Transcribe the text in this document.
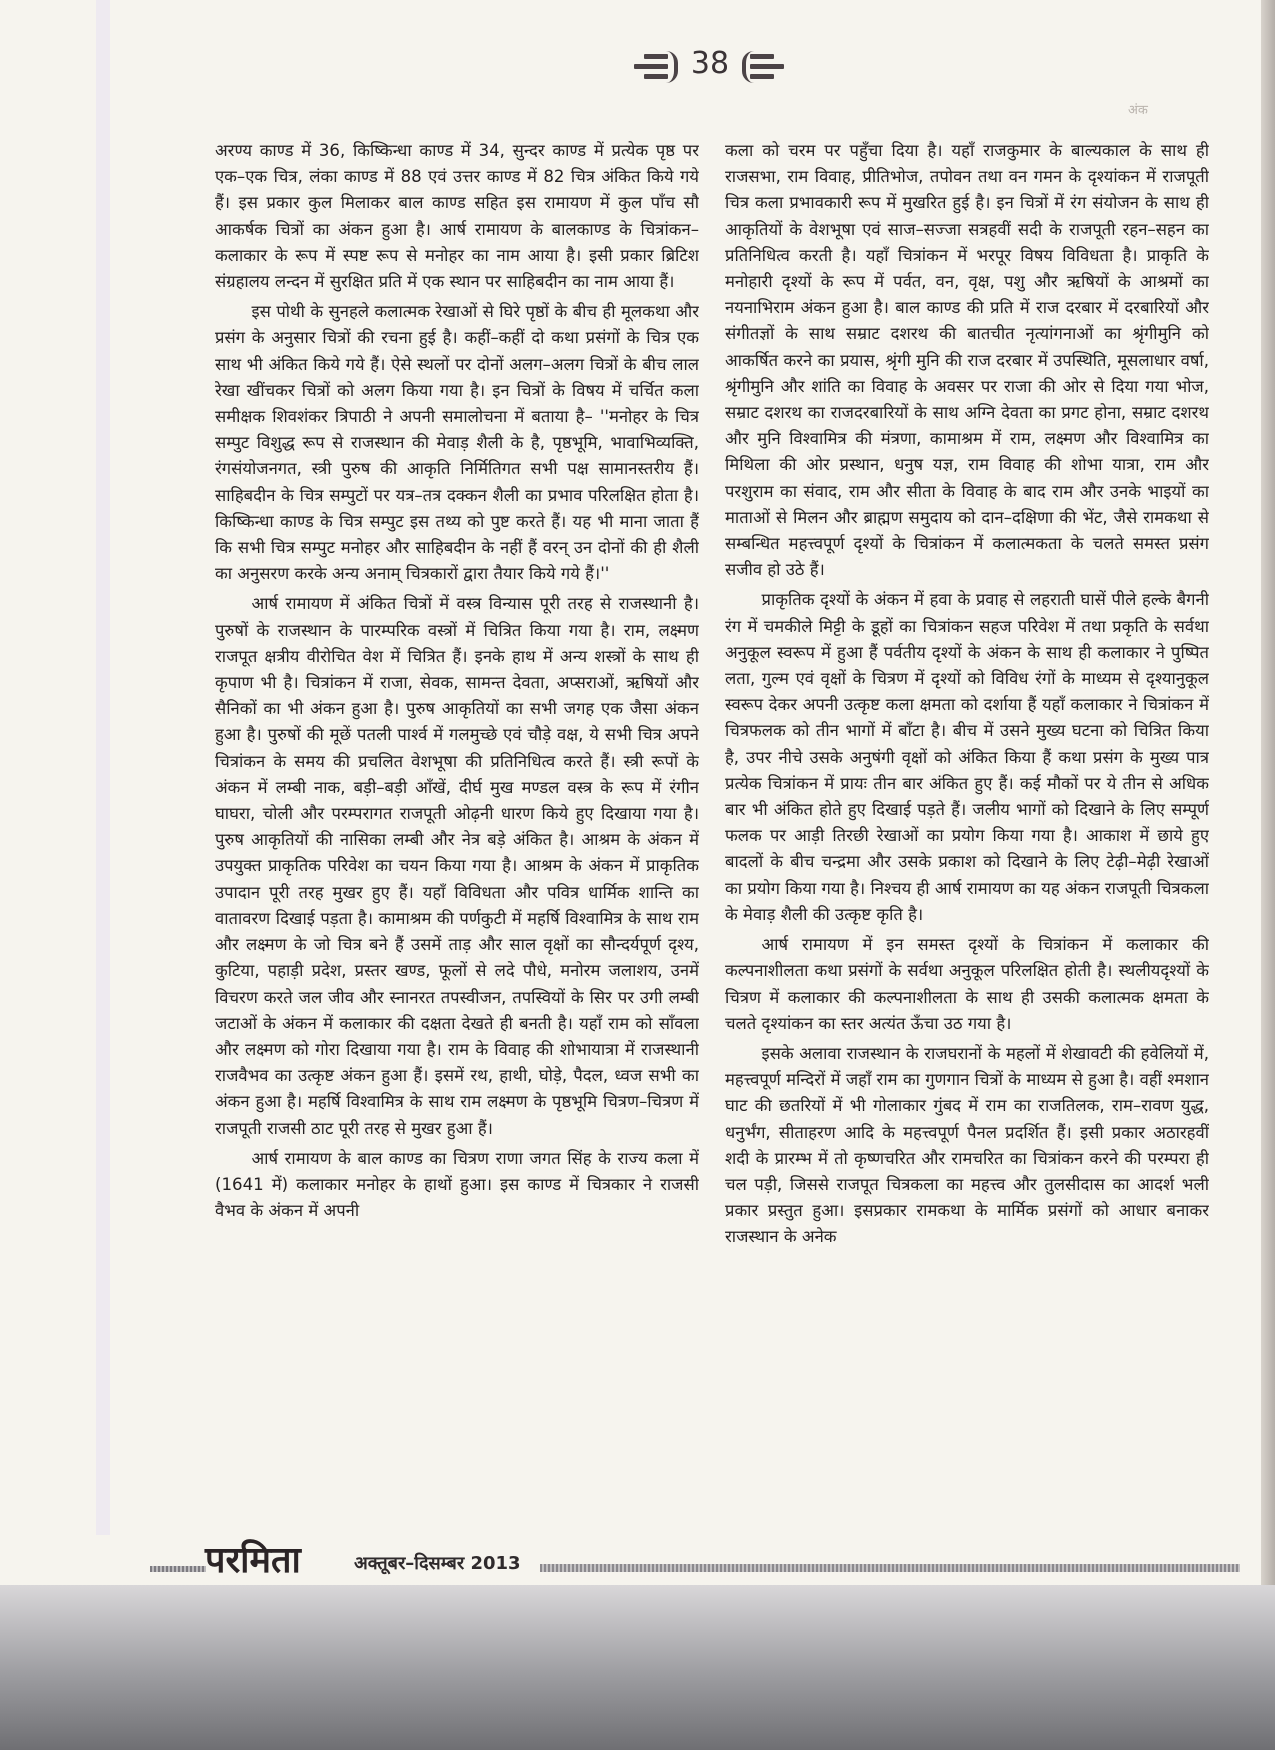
अंक
38

अरण्य काण्ड में 36, किष्किन्धा काण्ड में 34, सुन्दर काण्ड में प्रत्येक पृष्ठ पर एक–एक चित्र, लंका काण्ड में 88 एवं उत्तर काण्ड में 82 चित्र अंकित किये गये हैं। इस प्रकार कुल मिलाकर बाल काण्ड सहित इस रामायण में कुल पाँच सौ आकर्षक चित्रों का अंकन हुआ है। आर्ष रामायण के बालकाण्ड के चित्रांकन–कलाकार के रूप में स्पष्ट रूप से मनोहर का नाम आया है। इसी प्रकार ब्रिटिश संग्रहालय लन्दन में सुरक्षित प्रति में एक स्थान पर साहिबदीन का नाम आया हैं।

इस पोथी के सुनहले कलात्मक रेखाओं से घिरे पृष्ठों के बीच ही मूलकथा और प्रसंग के अनुसार चित्रों की रचना हुई है। कहीं–कहीं दो कथा प्रसंगों के चित्र एक साथ भी अंकित किये गये हैं। ऐसे स्थलों पर दोनों अलग–अलग चित्रों के बीच लाल रेखा खींचकर चित्रों को अलग किया गया है। इन चित्रों के विषय में चर्चित कला समीक्षक शिवशंकर त्रिपाठी ने अपनी समालोचना में बताया है– ''मनोहर के चित्र सम्पुट विशुद्ध रूप से राजस्थान की मेवाड़ शैली के है, पृष्ठभूमि, भावाभिव्यक्ति, रंगसंयोजनगत, स्त्री पुरुष की आकृति निर्मितिगत सभी पक्ष सामानस्तरीय हैं। साहिबदीन के चित्र सम्पुटों पर यत्र–तत्र दक्कन शैली का प्रभाव परिलक्षित होता है। किष्किन्धा काण्ड के चित्र सम्पुट इस तथ्य को पुष्ट करते हैं। यह भी माना जाता हैं कि सभी चित्र सम्पुट मनोहर और साहिबदीन के नहीं हैं वरन् उन दोनों की ही शैली का अनुसरण करके अन्य अनाम् चित्रकारों द्वारा तैयार किये गये हैं।''

आर्ष रामायण में अंकित चित्रों में वस्त्र विन्यास पूरी तरह से राजस्थानी है। पुरुषों के राजस्थान के पारम्परिक वस्त्रों में चित्रित किया गया है। राम, लक्ष्मण राजपूत क्षत्रीय वीरोचित वेश में चित्रित हैं। इनके हाथ में अन्य शस्त्रों के साथ ही कृपाण भी है। चित्रांकन में राजा, सेवक, सामन्त देवता, अप्सराओं, ऋषियों और सैनिकों का भी अंकन हुआ है। पुरुष आकृतियों का सभी जगह एक जैसा अंकन हुआ है। पुरुषों की मूछें पतली पार्श्व में गलमुच्छे एवं चौड़े वक्ष, ये सभी चित्र अपने चित्रांकन के समय की प्रचलित वेशभूषा की प्रतिनिधित्व करते हैं। स्त्री रूपों के अंकन में लम्बी नाक, बड़ी–बड़ी आँखें, दीर्घ मुख मण्डल वस्त्र के रूप में रंगीन घाघरा, चोली और परम्परागत राजपूती ओढ़नी धारण किये हुए दिखाया गया है। पुरुष आकृतियों की नासिका लम्बी और नेत्र बड़े अंकित है। आश्रम के अंकन में उपयुक्त प्राकृतिक परिवेश का चयन किया गया है। आश्रम के अंकन में प्राकृतिक उपादान पूरी तरह मुखर हुए हैं। यहाँ विविधता और पवित्र धार्मिक शान्ति का वातावरण दिखाई पड़ता है। कामाश्रम की पर्णकुटी में महर्षि विश्वामित्र के साथ राम और लक्ष्मण के जो चित्र बने हैं उसमें ताड़ और साल वृक्षों का सौन्दर्यपूर्ण दृश्य, कुटिया, पहाड़ी प्रदेश, प्रस्तर खण्ड, फूलों से लदे पौधे, मनोरम जलाशय, उनमें विचरण करते जल जीव और स्नानरत तपस्वीजन, तपस्वियों के सिर पर उगी लम्बी जटाओं के अंकन में कलाकार की दक्षता देखते ही बनती है। यहाँ राम को साँवला और लक्ष्मण को गोरा दिखाया गया है। राम के विवाह की शोभायात्रा में राजस्थानी राजवैभव का उत्कृष्ट अंकन हुआ हैं। इसमें रथ, हाथी, घोड़े, पैदल, ध्वज सभी का अंकन हुआ है। महर्षि विश्वामित्र के साथ राम लक्ष्मण के पृष्ठभूमि चित्रण–चित्रण में राजपूती राजसी ठाट पूरी तरह से मुखर हुआ हैं।

आर्ष रामायण के बाल काण्ड का चित्रण राणा जगत सिंह के राज्य कला में (1641 में) कलाकार मनोहर के हाथों हुआ। इस काण्ड में चित्रकार ने राजसी वैभव के अंकन में अपनी

कला को चरम पर पहुँचा दिया है। यहाँ राजकुमार के बाल्यकाल के साथ ही राजसभा, राम विवाह, प्रीतिभोज, तपोवन तथा वन गमन के दृश्यांकन में राजपूती चित्र कला प्रभावकारी रूप में मुखरित हुई है। इन चित्रों में रंग संयोजन के साथ ही आकृतियों के वेशभूषा एवं साज–सज्जा सत्रहवीं सदी के राजपूती रहन–सहन का प्रतिनिधित्व करती है। यहाँ चित्रांकन में भरपूर विषय विविधता है। प्राकृति के मनोहारी दृश्यों के रूप में पर्वत, वन, वृक्ष, पशु और ऋषियों के आश्रमों का नयनाभिराम अंकन हुआ है। बाल काण्ड की प्रति में राज दरबार में दरबारियों और संगीतज्ञों के साथ सम्राट दशरथ की बातचीत नृत्यांगनाओं का श्रृंगीमुनि को आकर्षित करने का प्रयास, श्रृंगी मुनि की राज दरबार में उपस्थिति, मूसलाधार वर्षा, श्रृंगीमुनि और शांति का विवाह के अवसर पर राजा की ओर से दिया गया भोज, सम्राट दशरथ का राजदरबारियों के साथ अग्नि देवता का प्रगट होना, सम्राट दशरथ और मुनि विश्वामित्र की मंत्रणा, कामाश्रम में राम, लक्ष्मण और विश्वामित्र का मिथिला की ओर प्रस्थान, धनुष यज्ञ, राम विवाह की शोभा यात्रा, राम और परशुराम का संवाद, राम और सीता के विवाह के बाद राम और उनके भाइयों का माताओं से मिलन और ब्राह्मण समुदाय को दान–दक्षिणा की भेंट, जैसे रामकथा से सम्बन्धित महत्त्वपूर्ण दृश्यों के चित्रांकन में कलात्मकता के चलते समस्त प्रसंग सजीव हो उठे हैं।

प्राकृतिक दृश्यों के अंकन में हवा के प्रवाह से लहराती घासें पीले हल्के बैगनी रंग में चमकीले मिट्टी के डूहों का चित्रांकन सहज परिवेश में तथा प्रकृति के सर्वथा अनुकूल स्वरूप में हुआ हैं पर्वतीय दृश्यों के अंकन के साथ ही कलाकार ने पुष्पित लता, गुल्म एवं वृक्षों के चित्रण में दृश्यों को विविध रंगों के माध्यम से दृश्यानुकूल स्वरूप देकर अपनी उत्कृष्ट कला क्षमता को दर्शाया हैं यहाँ कलाकार ने चित्रांकन में चित्रफलक को तीन भागों में बाँटा है। बीच में उसने मुख्य घटना को चित्रित किया है, उपर नीचे उसके अनुषंगी वृक्षों को अंकित किया हैं कथा प्रसंग के मुख्य पात्र प्रत्येक चित्रांकन में प्रायः तीन बार अंकित हुए हैं। कई मौकों पर ये तीन से अधिक बार भी अंकित होते हुए दिखाई पड़ते हैं। जलीय भागों को दिखाने के लिए सम्पूर्ण फलक पर आड़ी तिरछी रेखाओं का प्रयोग किया गया है। आकाश में छाये हुए बादलों के बीच चन्द्रमा और उसके प्रकाश को दिखाने के लिए टेढ़ी–मेढ़ी रेखाओं का प्रयोग किया गया है। निश्चय ही आर्ष रामायण का यह अंकन राजपूती चित्रकला के मेवाड़ शैली की उत्कृष्ट कृति है।

आर्ष रामायण में इन समस्त दृश्यों के चित्रांकन में कलाकार की कल्पनाशीलता कथा प्रसंगों के सर्वथा अनुकूल परिलक्षित होती है। स्थलीयदृश्यों के चित्रण में कलाकार की कल्पनाशीलता के साथ ही उसकी कलात्मक क्षमता के चलते दृश्यांकन का स्तर अत्यंत ऊँचा उठ गया है।

इसके अलावा राजस्थान के राजघरानों के महलों में शेखावटी की हवेलियों में, महत्त्वपूर्ण मन्दिरों में जहाँ राम का गुणगान चित्रों के माध्यम से हुआ है। वहीं श्मशान घाट की छतरियों में भी गोलाकार गुंबद में राम का राजतिलक, राम–रावण युद्ध, धनुर्भंग, सीताहरण आदि के महत्त्वपूर्ण पैनल प्रदर्शित हैं। इसी प्रकार अठारहवीं शदी के प्रारम्भ में तो कृष्णचरित और रामचरित का चित्रांकन करने की परम्परा ही चल पड़ी, जिससे राजपूत चित्रकला का महत्त्व और तुलसीदास का आदर्श भली प्रकार प्रस्तुत हुआ। इसप्रकार रामकथा के मार्मिक प्रसंगों को आधार बनाकर राजस्थान के अनेक

परमिता	अक्तूबर–दिसम्बर 2013
